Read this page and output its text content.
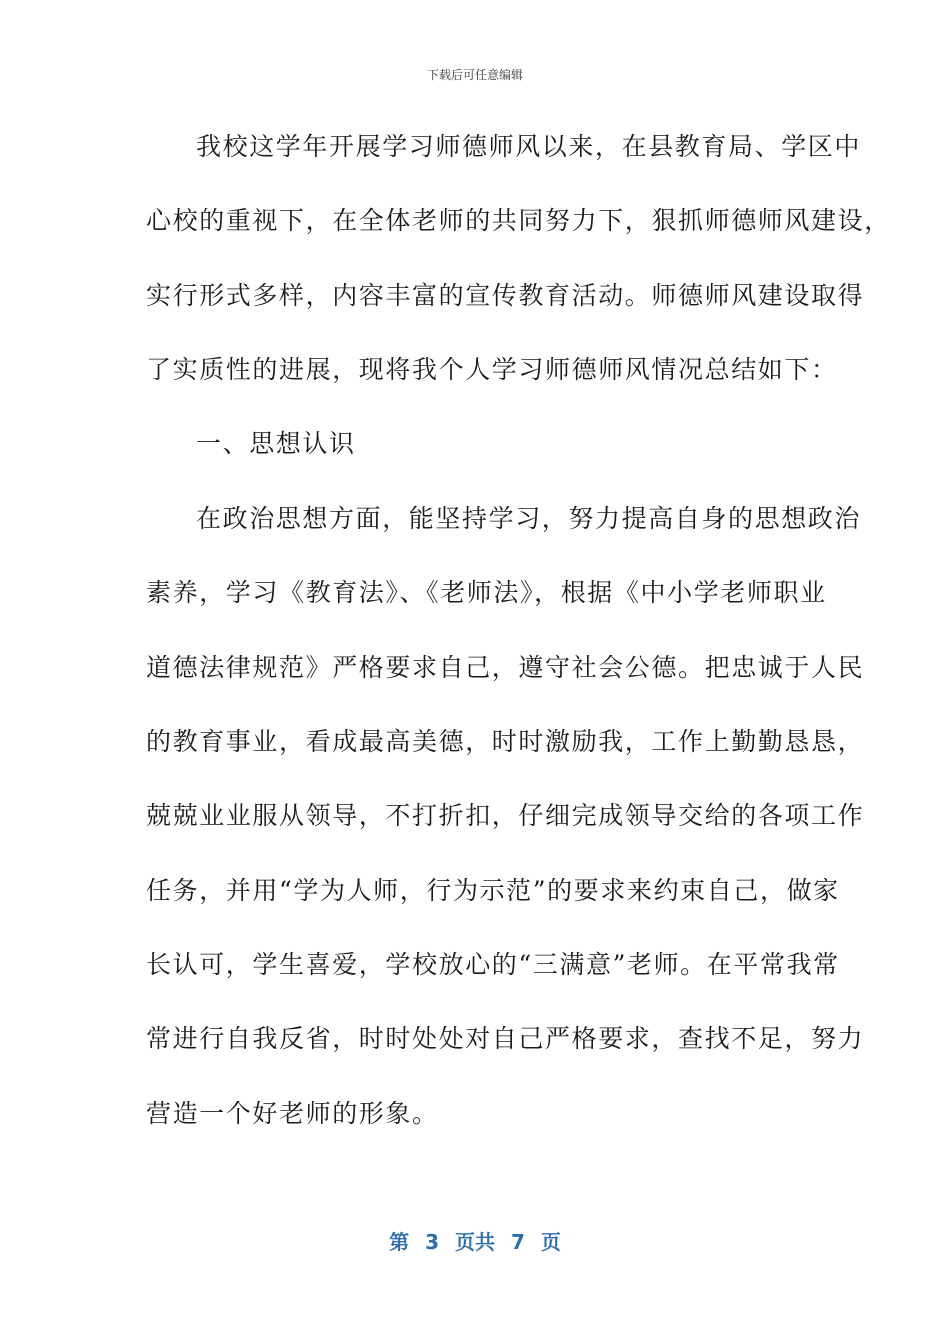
下载后可任意编辑
我校这学年开展学习师德师风以来，在县教育局、学区中
心校的重视下，在全体老师的共同努力下，狠抓师德师风建设，
实行形式多样，内容丰富的宣传教育活动。师德师风建设取得
了实质性的进展，现将我个人学习师德师风情况总结如下：
一、思想认识
在政治思想方面，能坚持学习，努力提高自身的思想政治
素养，学习《教育法》、《老师法》，根据《中小学老师职业
道德法律规范》严格要求自己，遵守社会公德。把忠诚于人民
的教育事业，看成最高美德，时时激励我，工作上勤勤恳恳，
兢兢业业服从领导，不打折扣，仔细完成领导交给的各项工作
任务，并用“学为人师，行为示范”的要求来约束自己，做家
长认可，学生喜爱，学校放心的“三满意”老师。在平常我常
常进行自我反省，时时处处对自己严格要求，查找不足，努力
营造一个好老师的形象。
第 3 页共 7 页
